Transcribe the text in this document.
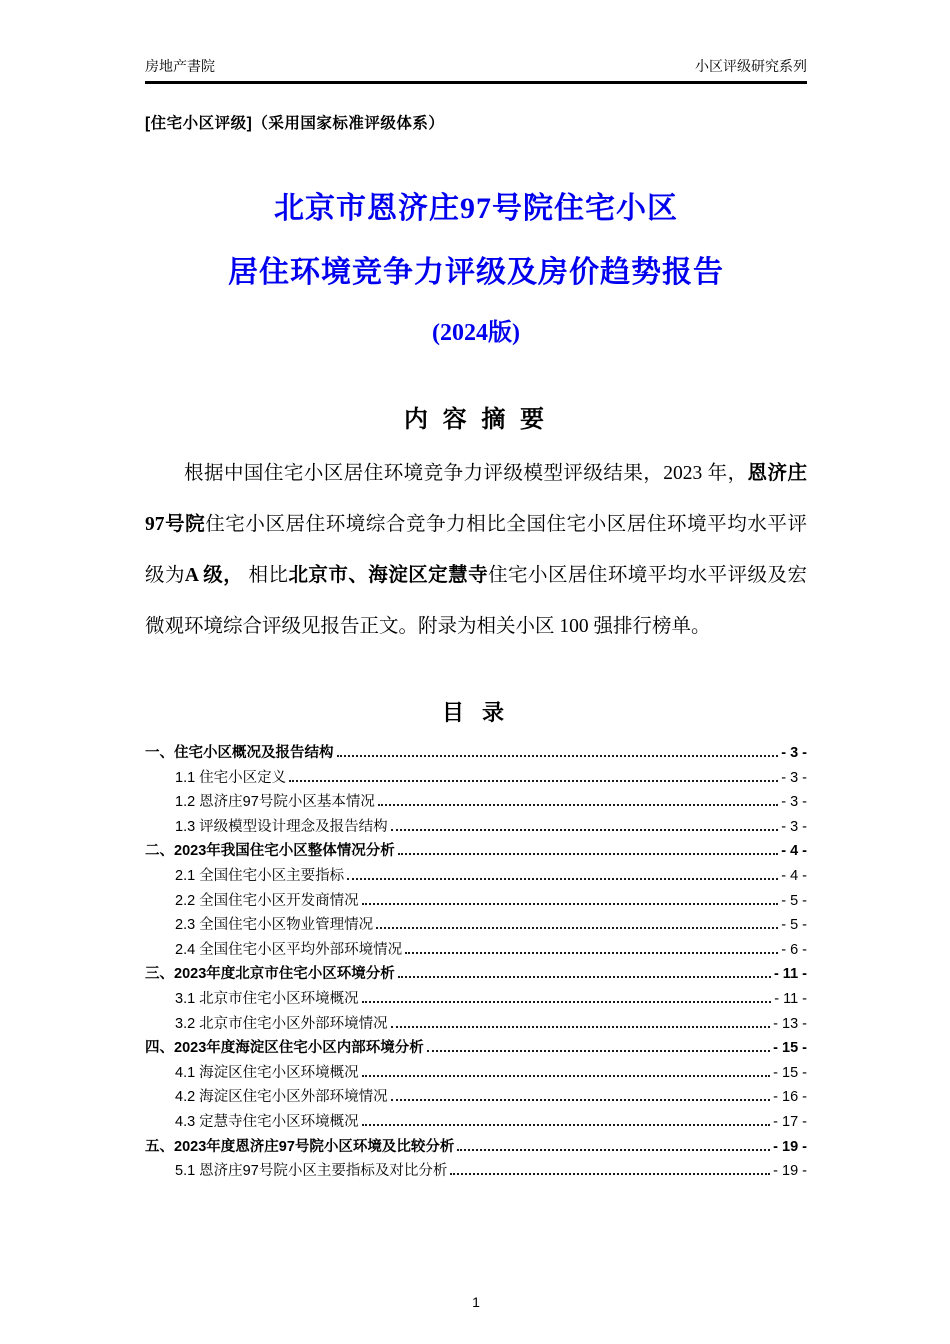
房地产書院	小区评级研究系列
[住宅小区评级]（采用国家标准评级体系）
北京市恩济庄97号院住宅小区
居住环境竞争力评级及房价趋势报告
(2024版)
内 容 摘 要

根据中国住宅小区居住环境竞争力评级模型评级结果，2023 年，恩济庄97号院住宅小区居住环境综合竞争力相比全国住宅小区居住环境平均水平评级为A 级， 相比北京市、海淀区定慧寺住宅小区居住环境平均水平评级及宏微观环境综合评级见报告正文。附录为相关小区 100 强排行榜单。

目 录
一、住宅小区概况及报告结构	- 3 -
1.1 住宅小区定义	- 3 -
1.2 恩济庄97号院小区基本情况	- 3 -
1.3 评级模型设计理念及报告结构	- 3 -
二、2023年我国住宅小区整体情况分析	- 4 -
2.1 全国住宅小区主要指标	- 4 -
2.2 全国住宅小区开发商情况	- 5 -
2.3 全国住宅小区物业管理情况	- 5 -
2.4 全国住宅小区平均外部环境情况	- 6 -
三、2023年度北京市住宅小区环境分析	- 11 -
3.1 北京市住宅小区环境概况	- 11 -
3.2 北京市住宅小区外部环境情况	- 13 -
四、2023年度海淀区住宅小区内部环境分析	- 15 -
4.1 海淀区住宅小区环境概况	- 15 -
4.2 海淀区住宅小区外部环境情况	- 16 -
4.3 定慧寺住宅小区环境概况	- 17 -
五、2023年度恩济庄97号院小区环境及比较分析	- 19 -
5.1 恩济庄97号院小区主要指标及对比分析	- 19 -
1
